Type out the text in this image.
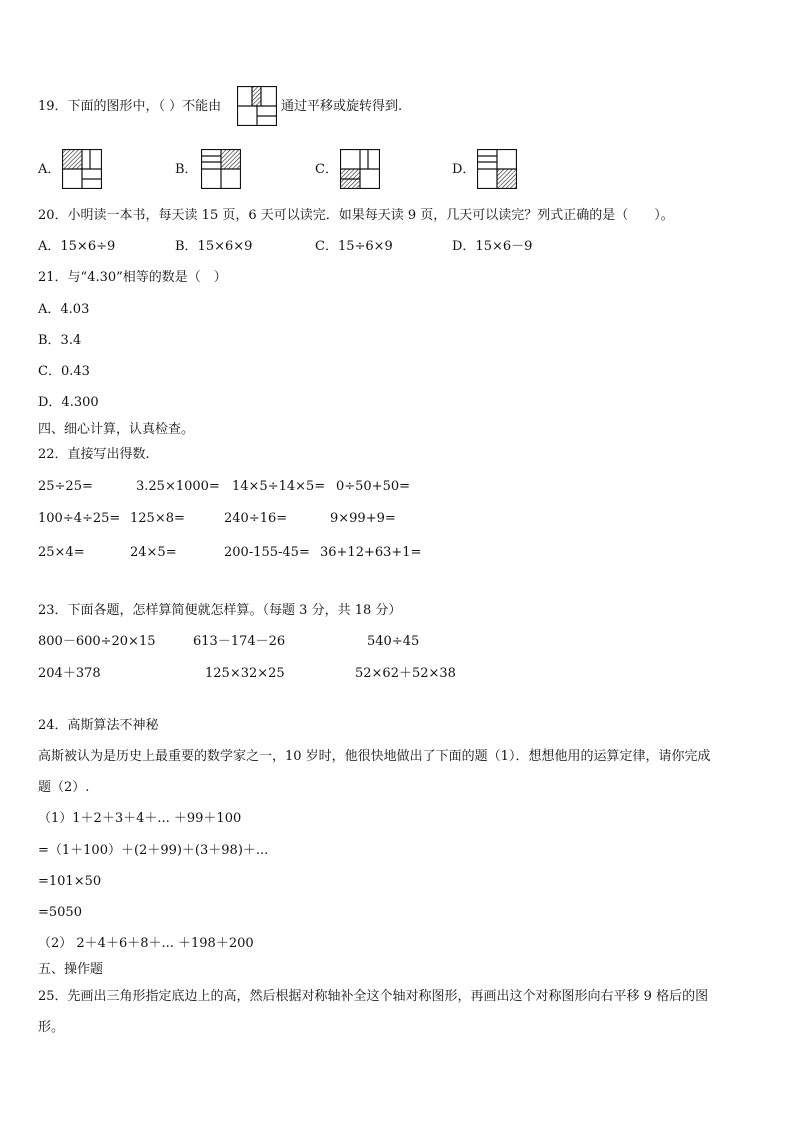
19．下面的图形中，（ ）不能由	通过平移或旋转得到.
A．	B．	C．	D．
20．小明读一本书，每天读 15 页，6 天可以读完．如果每天读 9 页，几天可以读完？列式正确的是（　　）。
A．15×6÷9	B．15×6×9	C．15÷6×9	D．15×6－9
21．与“4.30”相等的数是（　）
A．4.03
B．3.4
C．0.43
D．4.300
四、细心计算，认真检查。
22．直接写出得数.
25÷25=	3.25×1000= 14×5÷14×5= 0÷50+50=
100÷4÷25= 125×8=	240÷16=	9×99+9=
25×4=	24×5=	200-155-45= 36+12+63+1=
23．下面各题，怎样算简便就怎样算。（每题 3 分，共 18 分）
800－600÷20×15	613－174－26	540÷45
204＋378	125×32×25	52×62＋52×38
24．高斯算法不神秘
高斯被认为是历史上最重要的数学家之一，10 岁时，他很快地做出了下面的题（1）．想想他用的运算定律，请你完成
题（2）.
（1）1＋2＋3＋4＋... ＋99＋100
=（1＋100）＋(2＋99)＋(3＋98)＋...
=101×50
=5050
（2） 2＋4＋6＋8＋... ＋198＋200
五、操作题
25．先画出三角形指定底边上的高，然后根据对称轴补全这个轴对称图形，再画出这个对称图形向右平移 9 格后的图
形。
